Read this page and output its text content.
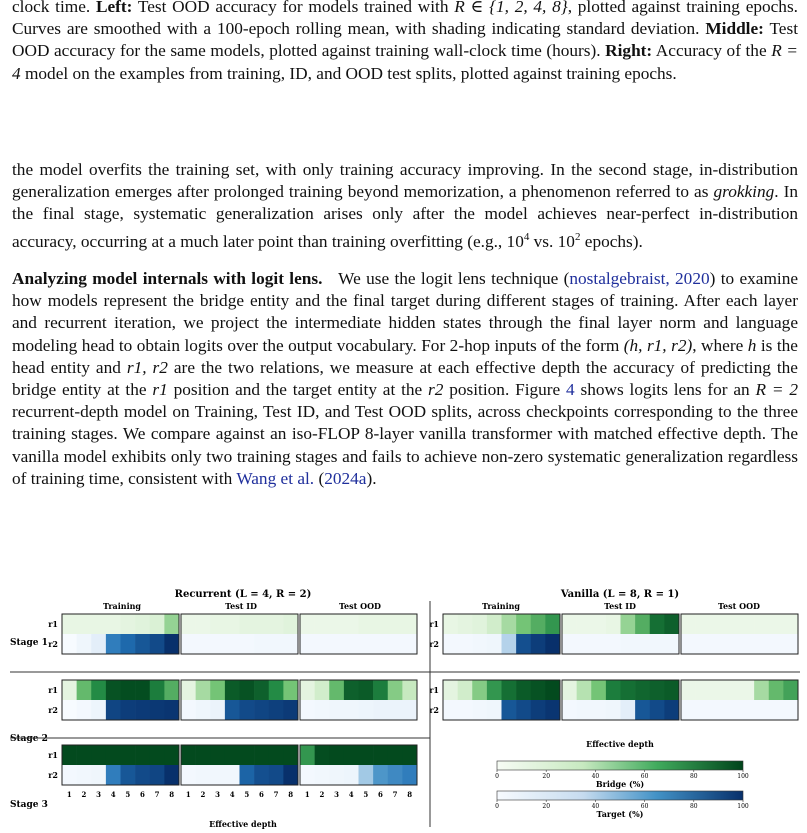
clock time. Left: Test OOD accuracy for models trained with R ∈ {1, 2, 4, 8}, plotted against training epochs. Curves are smoothed with a 100-epoch rolling mean, with shading indicating standard deviation. Middle: Test OOD accuracy for the same models, plotted against training wall-clock time (hours). Right: Accuracy of the R = 4 model on the examples from training, ID, and OOD test splits, plotted against training epochs.

the model overfits the training set, with only training accuracy improving. In the second stage, in-distribution generalization emerges after prolonged training beyond memorization, a phenomenon referred to as grokking. In the final stage, systematic generalization arises only after the model achieves near-perfect in-distribution accuracy, occurring at a much later point than training overfitting (e.g., $10^4$ vs. $10^2$ epochs).

Analyzing model internals with logit lens. We use the logit lens technique (nostalgebraist, 2020) to examine how models represent the bridge entity and the final target during different stages of training. After each layer and recurrent iteration, we project the intermediate hidden states through the final layer norm and language modeling head to obtain logits over the output vocabulary. For 2-hop inputs of the form (h, r1, r2), where h is the head entity and r1, r2 are the two relations, we measure at each effective depth the accuracy of predicting the bridge entity at the r1 position and the target entity at the r2 position. Figure 4 shows logits lens for an R = 2 recurrent-depth model on Training, Test ID, and Test OOD splits, across checkpoints corresponding to the three training stages. We compare against an iso-FLOP 8-layer vanilla transformer with matched effective depth. The vanilla model exhibits only two training stages and fails to achieve non-zero systematic generalization regardless of training time, consistent with Wang et al. (2024a).

Recurrent (L = 4, R = 2)	Vanilla (L = 8, R = 1)
Training	Test ID	Test OOD	Training	Test ID	Test OOD
Stage 1
Stage 2
Stage 3
r1
r2
r1
r2
r1
r2
r1
r2
r1
r2
1 2 3 4 5 6 7 8 1 2 3 4 5 6 7 8 1 2 3 4 5 6 7 8
Effective depth
Effective depth
0	20	40	60	80	100
0	20	40	60	80	100
Bridge (%)
Target (%)
